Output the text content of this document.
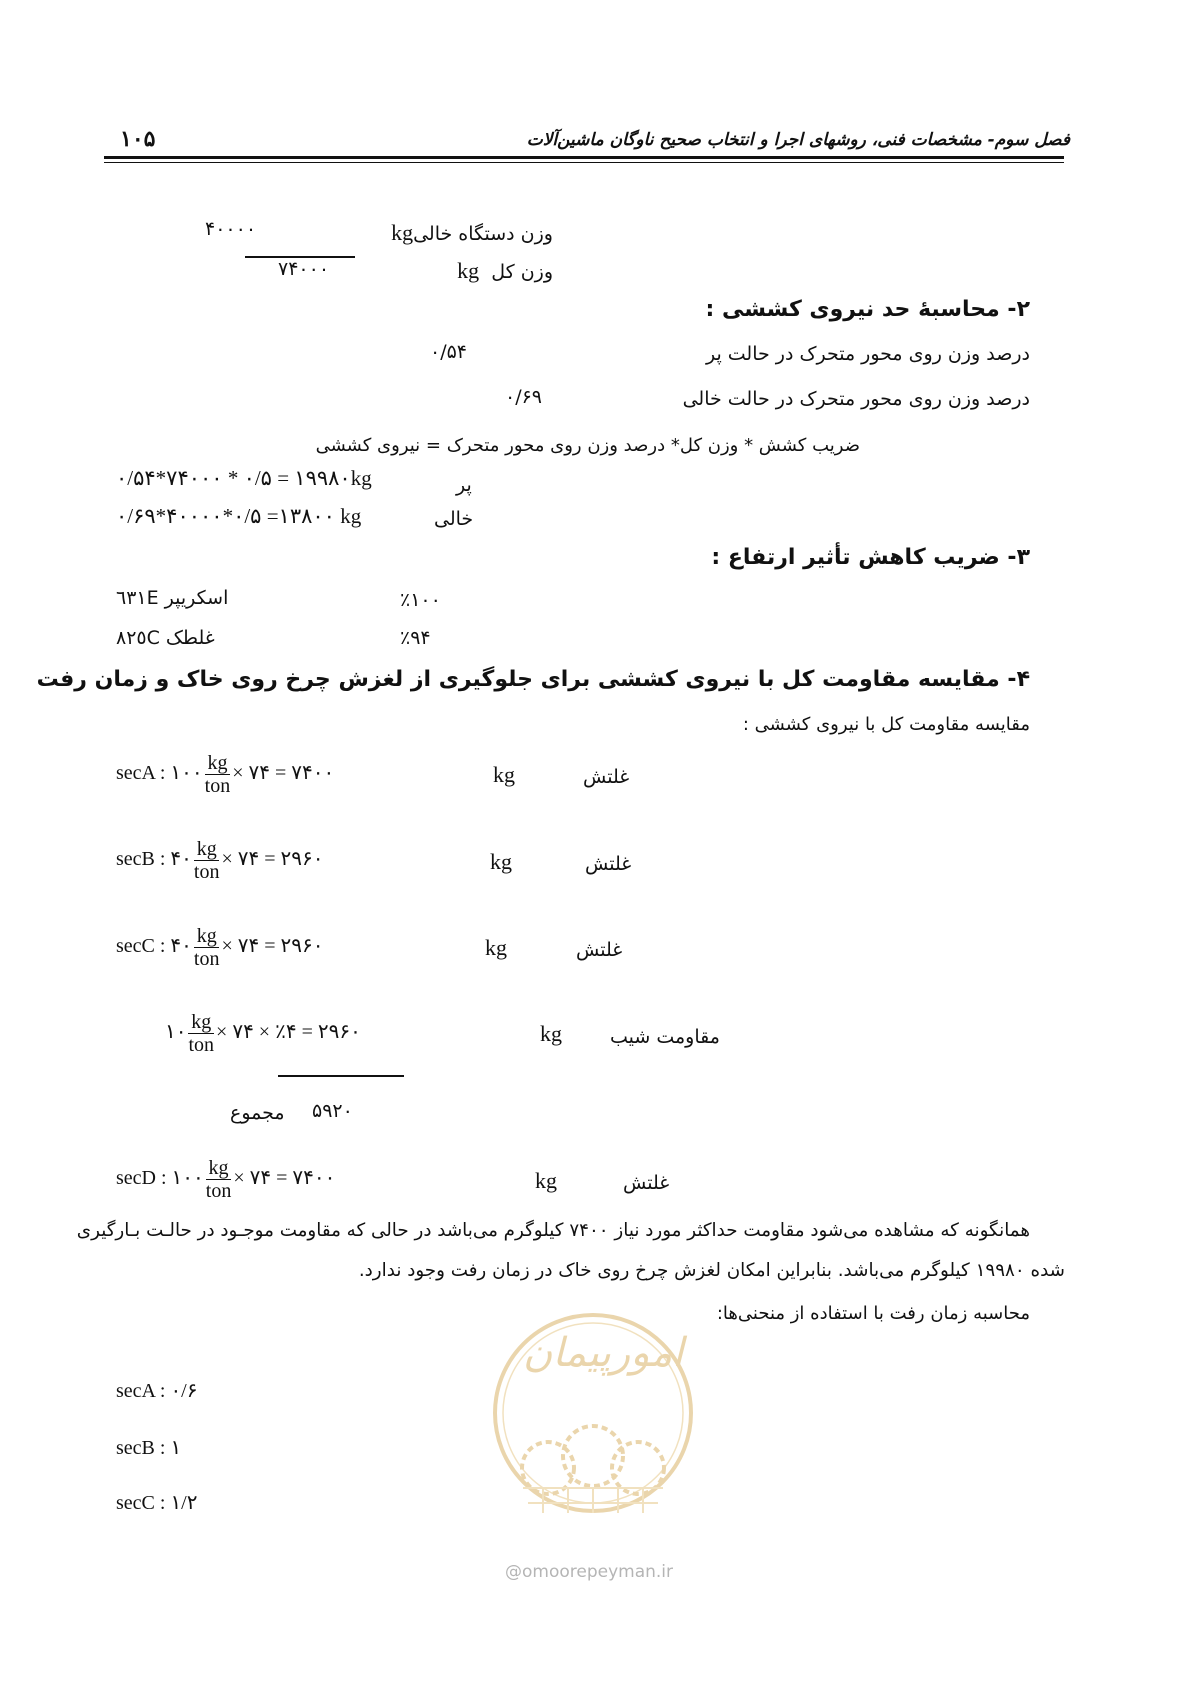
۱۰۵	فصل سوم- مشخصات فنی، روشهای اجرا و انتخاب صحیح ناوگان ماشین‌آلات
وزن دستگاه خالیkg
۴۰۰۰۰
وزن کل  kg
۷۴۰۰۰
۲- محاسبهٔ حد نیروی کششی :
درصد وزن روی محور متحرک در حالت پر
۰/۵۴
درصد وزن روی محور متحرک در حالت خالی
۰/۶۹
ضریب کشش * وزن کل* درصد وزن روی محور متحرک = نیروی کششی
پر
۰/۵۴*۷۴۰۰۰ * ۰/۵ = ۱۹۹۸۰kg
خالی
۰/۶۹*۴۰۰۰۰*۰/۵ =۱۳۸۰۰ kg
۳- ضریب کاهش تأثیر ارتفاع :
اسکریپر ٦٣١E	٪۱۰۰
غلطک ٨٢٥C	٪۹۴
۴- مقایسه مقاومت کل با نیروی کششی برای جلوگیری از لغزش چرخ روی خاک و زمان رفت
مقایسه مقاومت کل با نیروی کششی :
secA : ۱۰۰ $\frac{kg}{\text{ton}}$ × ۷۴ = ۷۴۰۰	kg	غلتش
secB : ۴۰ $\frac{kg}{\text{ton}}$ × ۷۴ = ۲۹۶۰	kg	غلتش
secC : ۴۰ $\frac{kg}{\text{ton}}$ × ۷۴ = ۲۹۶۰	kg	غلتش
۱۰ $\frac{kg}{\text{ton}}$ × ۷۴ × ٪۴ = ۲۹۶۰	kg	مقاومت شیب
مجموع ۵۹۲۰
secD : ۱۰۰ $\frac{kg}{\text{ton}}$ × ۷۴ = ۷۴۰۰	kg	غلتش
همانگونه که مشاهده می‌شود مقاومت حداکثر مورد نیاز ۷۴۰۰ کیلوگرم می‌باشد در حالی که مقاومت موجـود در حالـت بـارگیری
شده ۱۹۹۸۰ کیلوگرم می‌باشد. بنابراین امکان لغزش چرخ روی خاک در زمان رفت وجود ندارد.
محاسبه زمان رفت با استفاده از منحنی‌ها:
secA : ۰/۶
secB : ۱
secC : ۱/۲
امورپیمان
@omoorepeyman.ir
